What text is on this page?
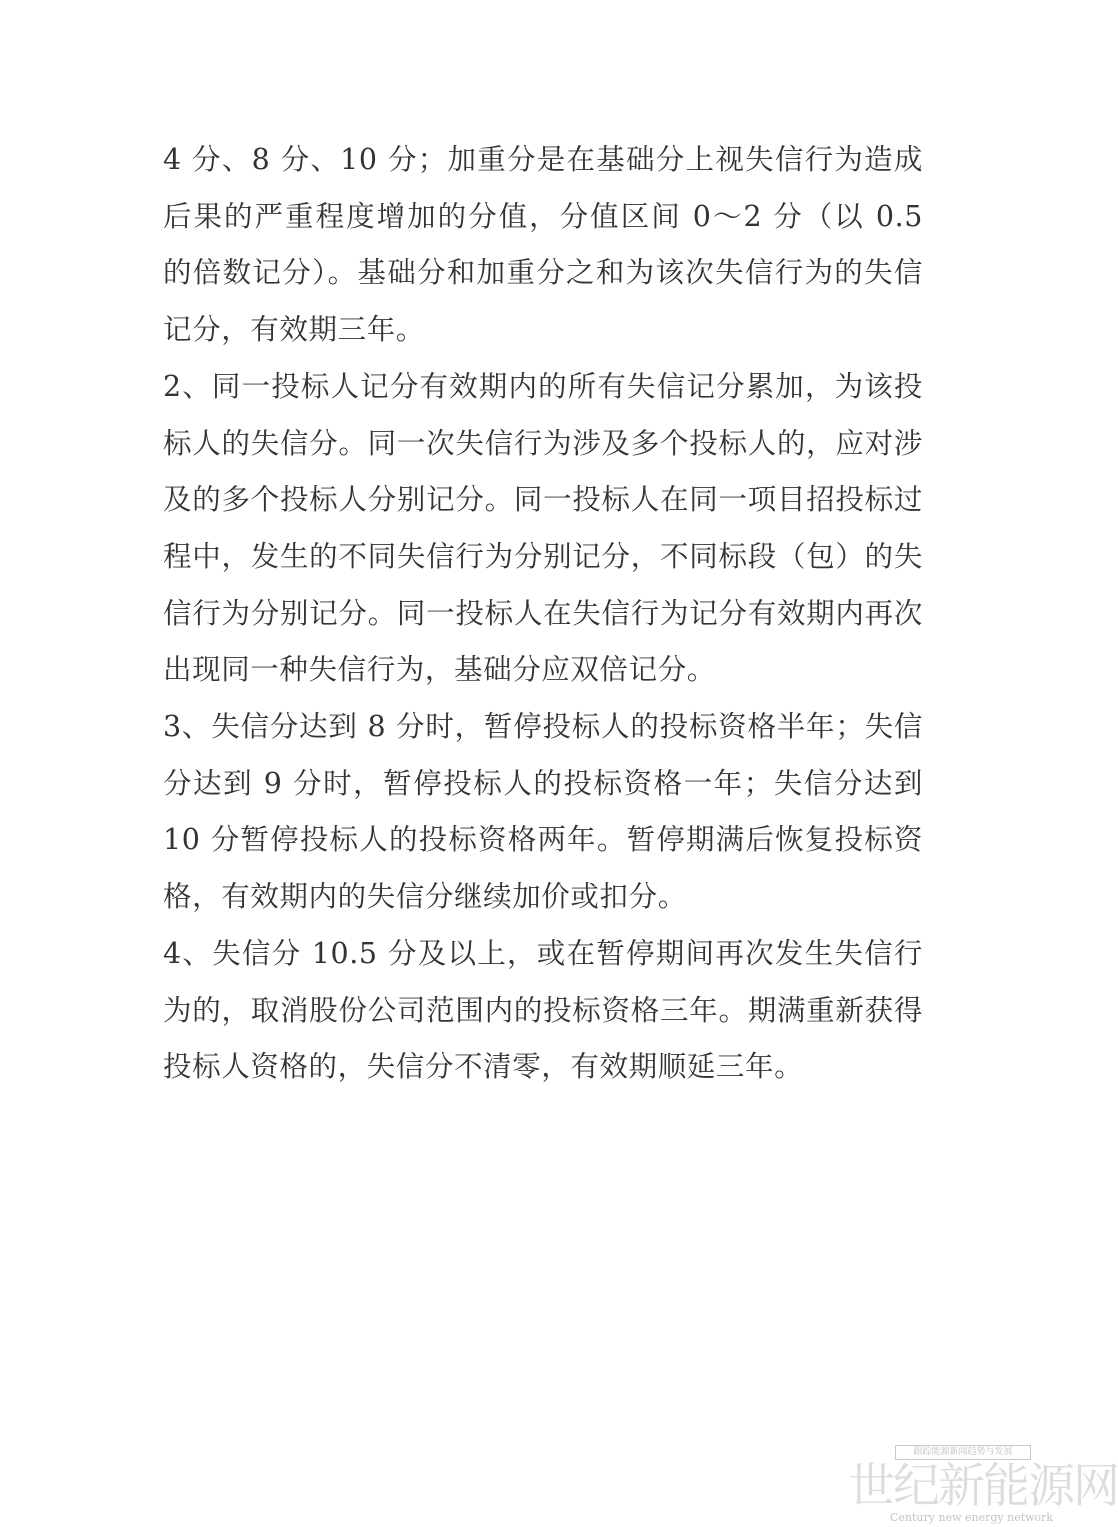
4 分、8 分、10 分；加重分是在基础分上视失信行为造成后果的严重程度增加的分值，分值区间 0～2 分（以 0.5 的倍数记分）。基础分和加重分之和为该次失信行为的失信记分，有效期三年。

2、同一投标人记分有效期内的所有失信记分累加，为该投标人的失信分。同一次失信行为涉及多个投标人的，应对涉及的多个投标人分别记分。同一投标人在同一项目招投标过程中，发生的不同失信行为分别记分，不同标段（包）的失信行为分别记分。同一投标人在失信行为记分有效期内再次出现同一种失信行为，基础分应双倍记分。

3、失信分达到 8 分时，暂停投标人的投标资格半年；失信分达到 9 分时，暂停投标人的投标资格一年；失信分达到 10 分暂停投标人的投标资格两年。暂停期满后恢复投标资格，有效期内的失信分继续加价或扣分。

4、失信分 10.5 分及以上，或在暂停期间再次发生失信行为的，取消股份公司范围内的投标资格三年。期满重新获得投标人资格的，失信分不清零，有效期顺延三年。

跟踪能源新闻趋势与发展
世纪新能源网
Century new energy network
